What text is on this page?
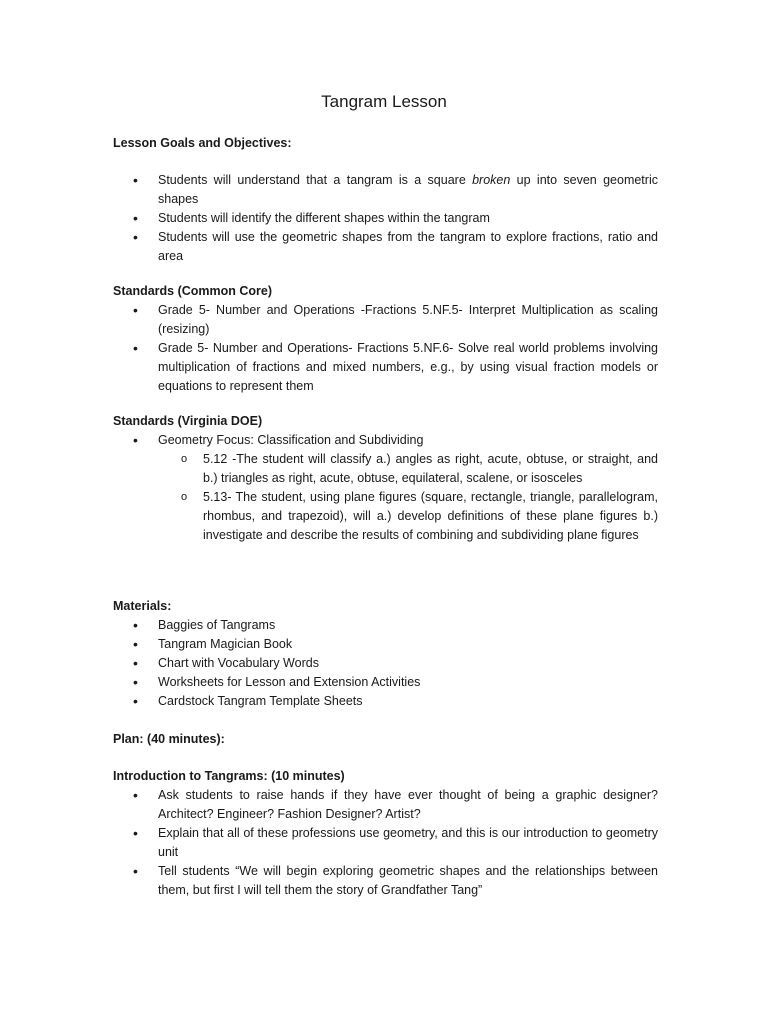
Tangram Lesson

Lesson Goals and Objectives:

• Students will understand that a tangram is a square broken up into seven geometric shapes
• Students will identify the different shapes within the tangram
• Students will use the geometric shapes from the tangram to explore fractions, ratio and area

Standards (Common Core)

• Grade 5- Number and Operations -Fractions 5.NF.5- Interpret Multiplication as scaling (resizing)
• Grade 5- Number and Operations- Fractions 5.NF.6- Solve real world problems involving multiplication of fractions and mixed numbers, e.g., by using visual fraction models or equations to represent them

Standards (Virginia DOE)

• Geometry Focus: Classification and Subdividing
o 5.12 -The student will classify a.) angles as right, acute, obtuse, or straight, and b.) triangles as right, acute, obtuse, equilateral, scalene, or isosceles
o 5.13- The student, using plane figures (square, rectangle, triangle, parallelogram, rhombus, and trapezoid), will a.) develop definitions of these plane figures b.) investigate and describe the results of combining and subdividing plane figures

Materials:

• Baggies of Tangrams
• Tangram Magician Book
• Chart with Vocabulary Words
• Worksheets for Lesson and Extension Activities
• Cardstock Tangram Template Sheets

Plan: (40 minutes):

Introduction to Tangrams: (10 minutes)

• Ask students to raise hands if they have ever thought of being a graphic designer? Architect? Engineer? Fashion Designer? Artist?
• Explain that all of these professions use geometry, and this is our introduction to geometry unit
• Tell students “We will begin exploring geometric shapes and the relationships between them, but first I will tell them the story of Grandfather Tang”
